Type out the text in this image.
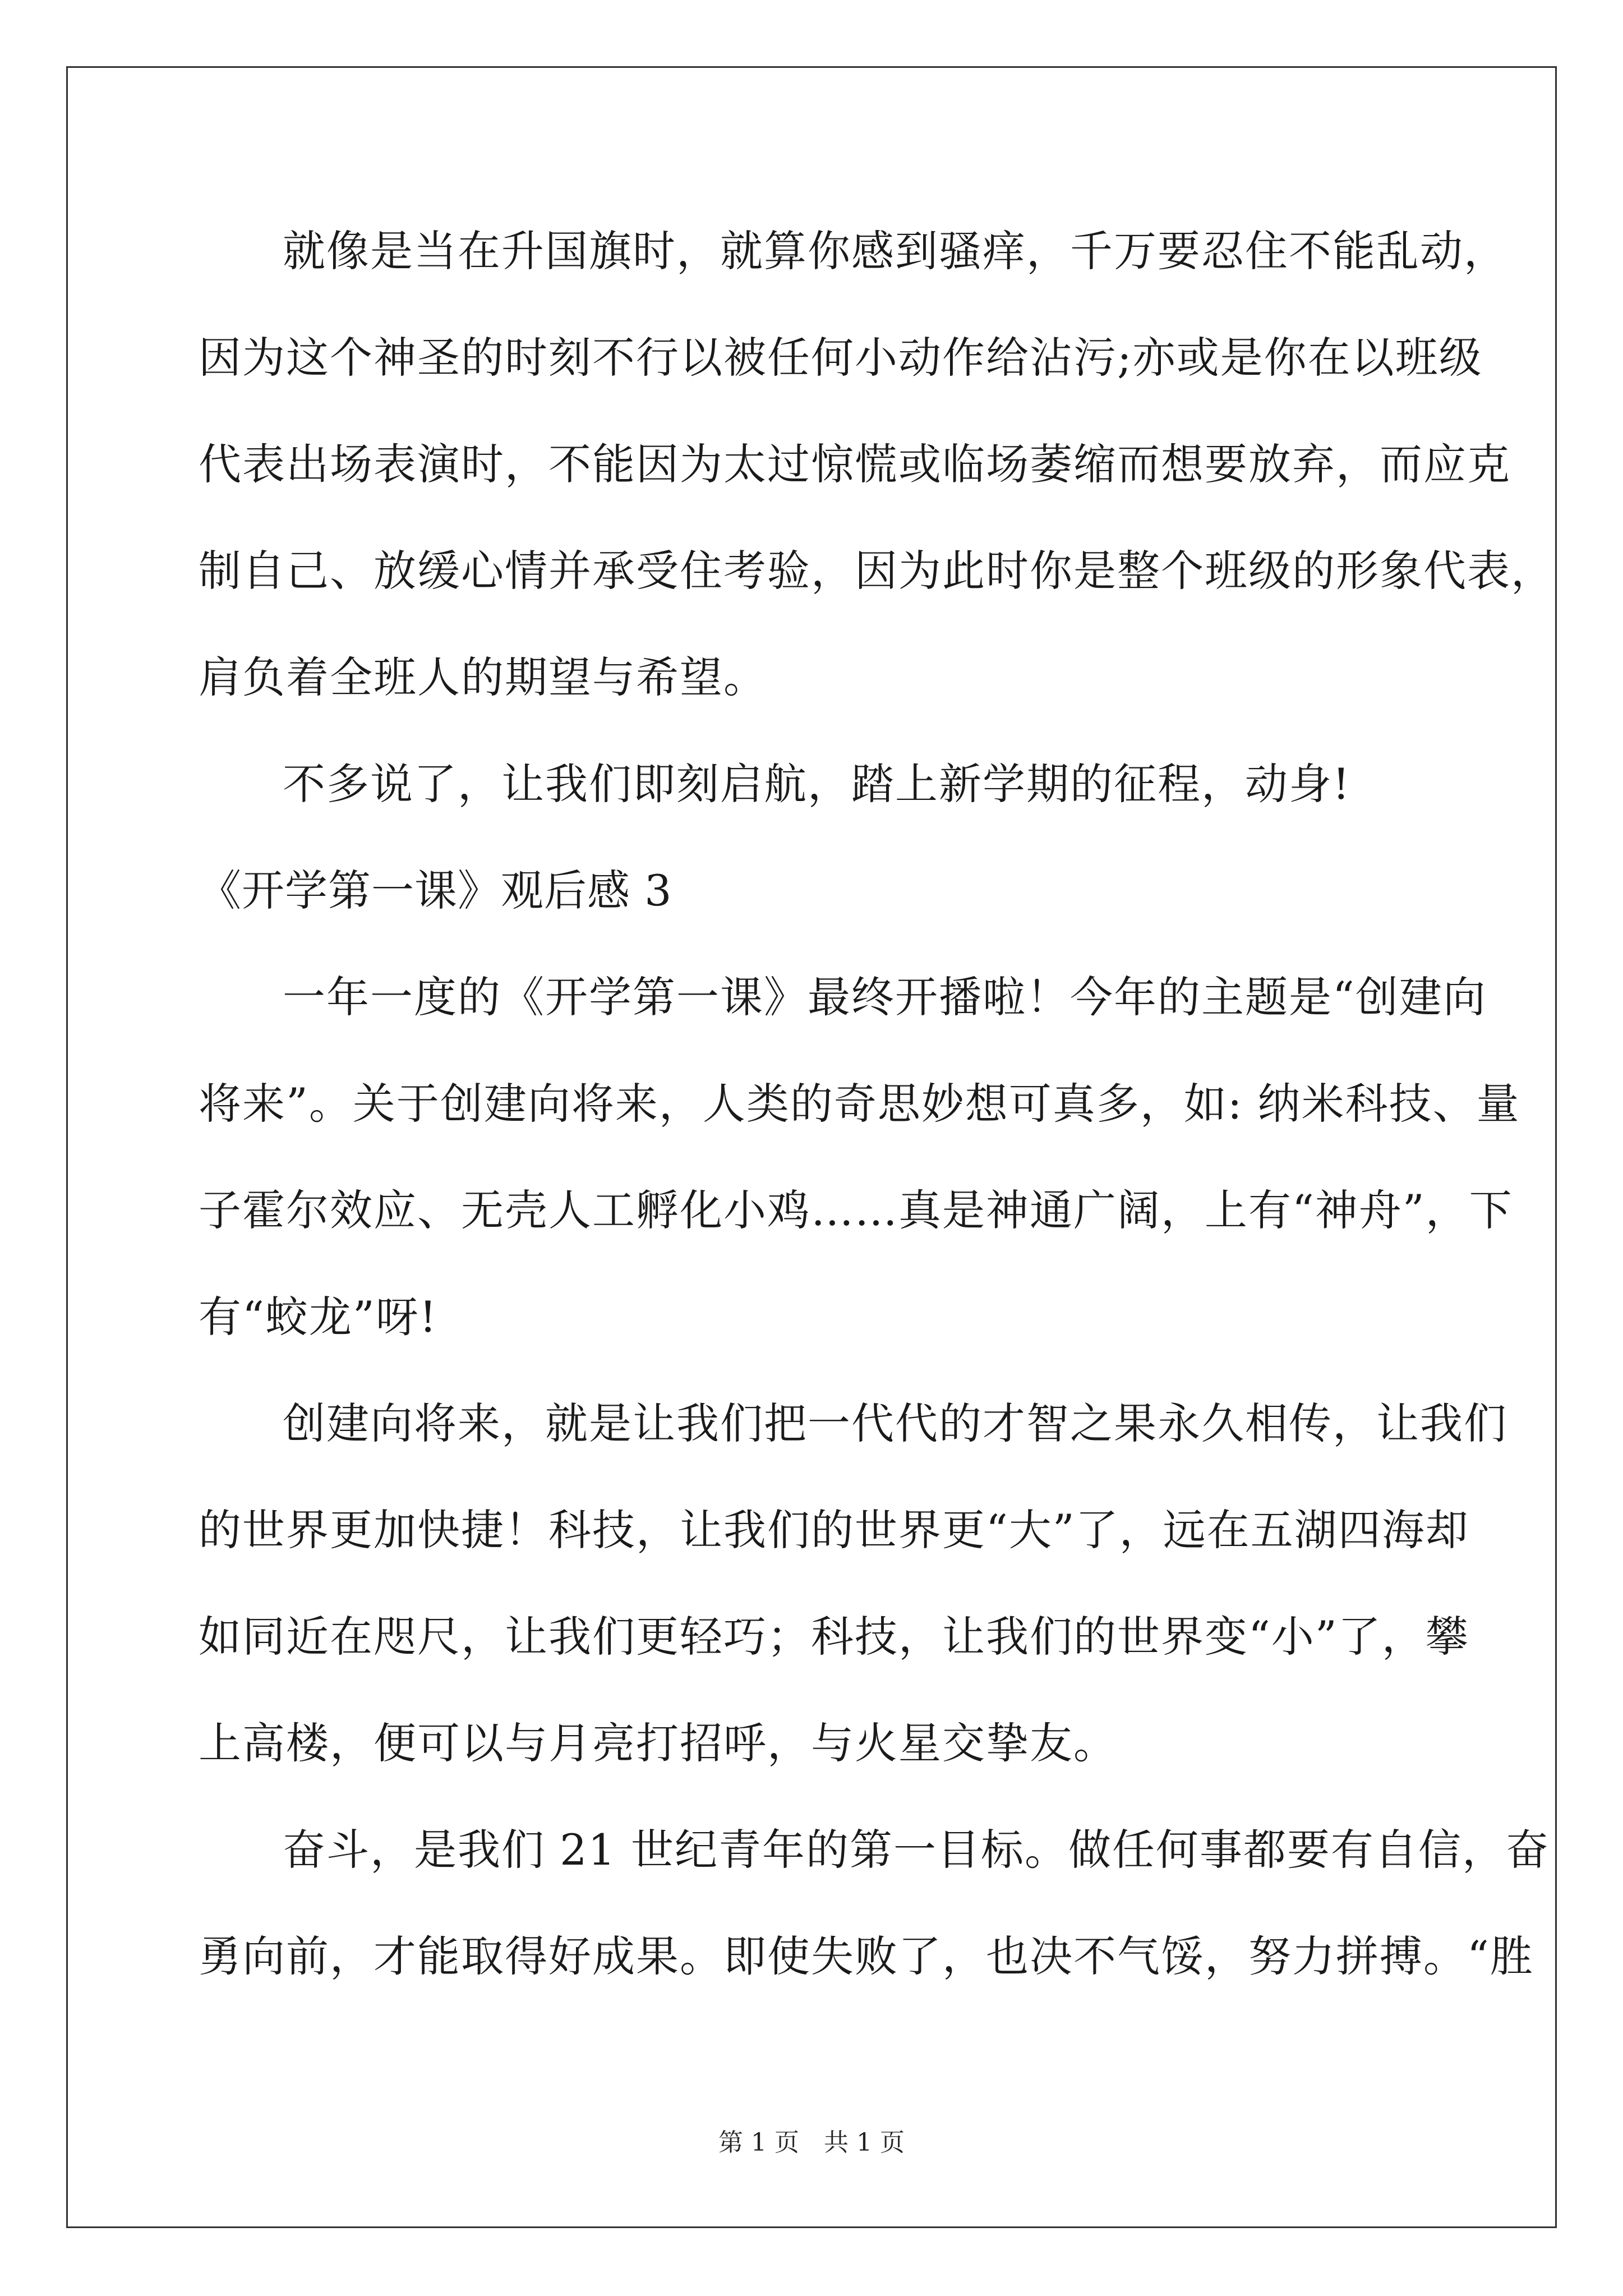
就像是当在升国旗时，就算你感到骚痒，千万要忍住不能乱动，
因为这个神圣的时刻不行以被任何小动作给沾污;亦或是你在以班级
代表出场表演时，不能因为太过惊慌或临场萎缩而想要放弃，而应克
制自己、放缓心情并承受住考验，因为此时你是整个班级的形象代表，
肩负着全班人的期望与希望。
不多说了，让我们即刻启航，踏上新学期的征程，动身!
《开学第一课》观后感 3
一年一度的《开学第一课》最终开播啦！今年的主题是“创建向
将来”。关于创建向将来，人类的奇思妙想可真多，如: 纳米科技、量
子霍尔效应、无壳人工孵化小鸡……真是神通广阔，上有“神舟”，下
有“蛟龙”呀!
创建向将来，就是让我们把一代代的才智之果永久相传，让我们
的世界更加快捷！科技，让我们的世界更“大”了，远在五湖四海却
如同近在咫尺，让我们更轻巧；科技，让我们的世界变“小”了，攀
上高楼，便可以与月亮打招呼，与火星交挚友。
奋斗，是我们 21 世纪青年的第一目标。做任何事都要有自信，奋
勇向前，才能取得好成果。即使失败了，也决不气馁，努力拼搏。“胜
第 1 页　共 1 页
